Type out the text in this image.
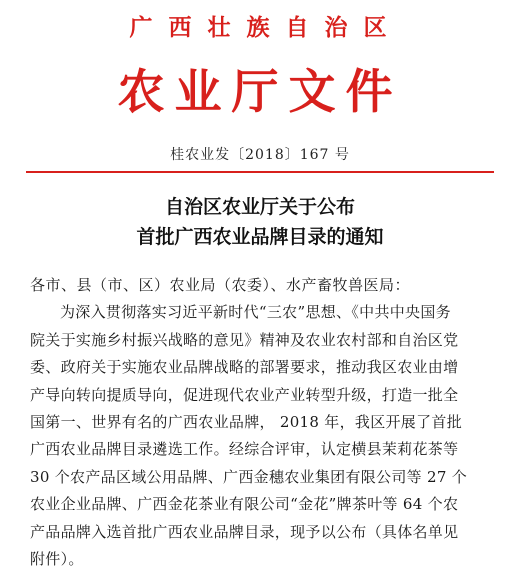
广 西 壮 族 自 治 区
农业厅文件
桂农业发〔2018〕167 号
自治区农业厅关于公布
首批广西农业品牌目录的通知
各市、县（市、区）农业局（农委）、水产畜牧兽医局：
为深入贯彻落实习近平新时代“三农”思想、《中共中央国务
院关于实施乡村振兴战略的意见》精神及农业农村部和自治区党
委、政府关于实施农业品牌战略的部署要求，推动我区农业由增
产导向转向提质导向，促进现代农业产业转型升级，打造一批全
国第一、世界有名的广西农业品牌， 2018 年，我区开展了首批
广西农业品牌目录遴选工作。经综合评审，认定横县茉莉花茶等
30 个农产品区域公用品牌、广西金穗农业集团有限公司等 27 个
农业企业品牌、广西金花茶业有限公司“金花”牌茶叶等 64 个农
产品品牌入选首批广西农业品牌目录，现予以公布（具体名单见
附件）。
